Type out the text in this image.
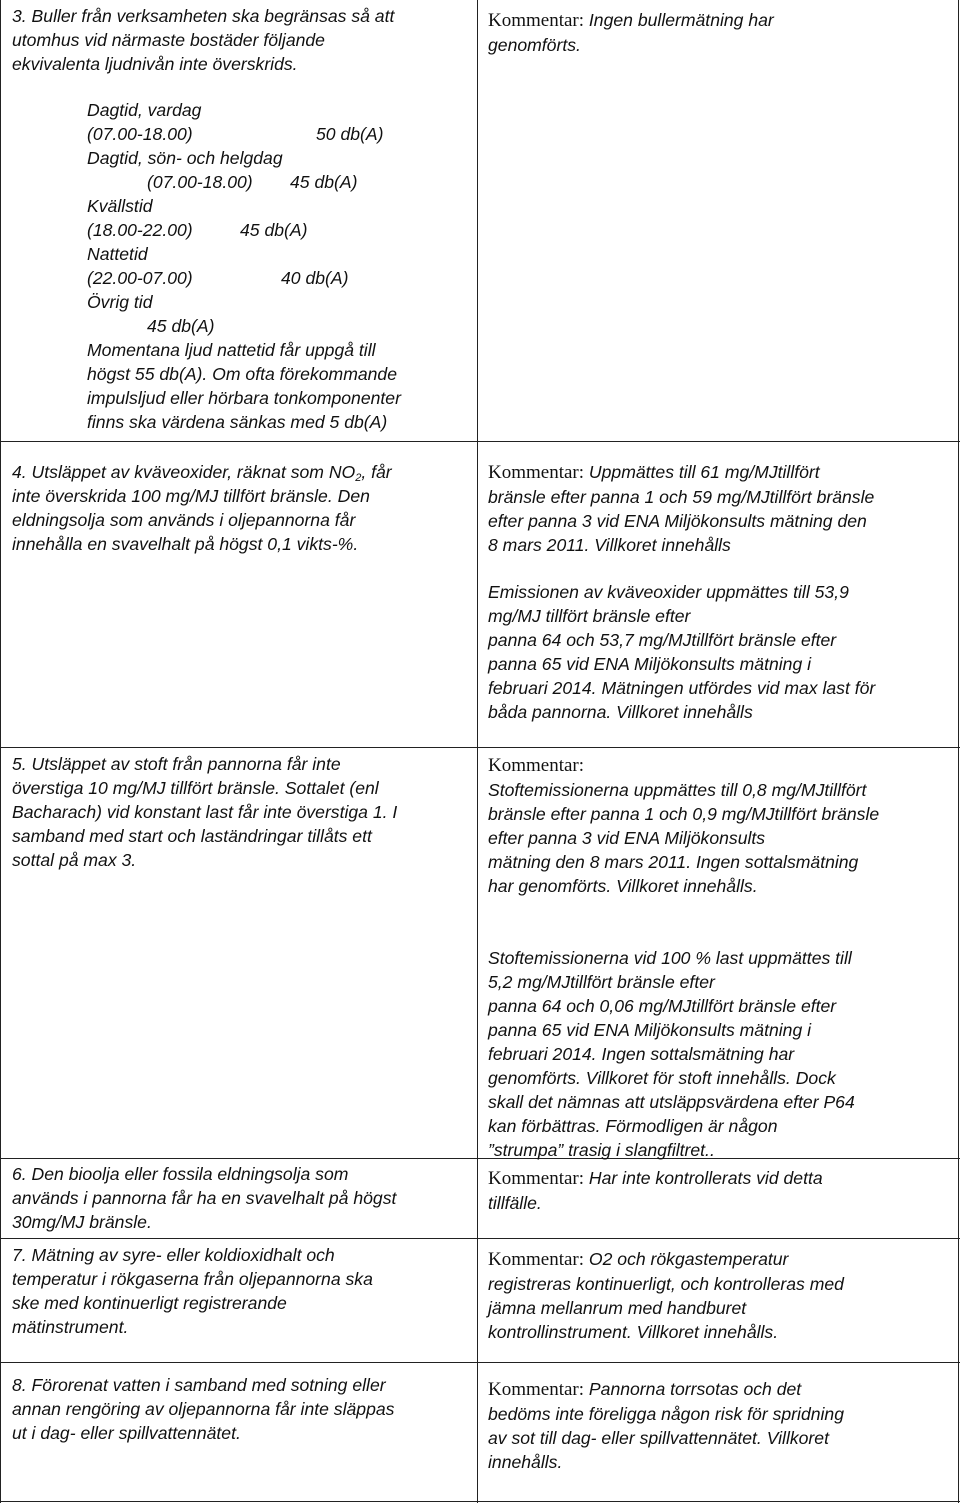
3. Buller från verksamheten ska begränsas så att

utomhus vid närmaste bostäder följande

ekvivalenta ljudnivån inte överskrids.

Dagtid, vardag
(07.00-18.00)	50 db(A)
Dagtid, sön- och helgdag
(07.00-18.00) 45 db(A)
Kvällstid
(18.00-22.00)	45 db(A)
Nattetid
(22.00-07.00)	40 db(A)
Övrig tid
45 db(A)

Momentana ljud nattetid får uppgå till

högst 55 db(A). Om ofta förekommande

impulsljud eller hörbara tonkomponenter

finns ska värdena sänkas med 5 db(A)

Kommentar: Ingen bullermätning har

genomförts.

4. Utsläppet av kväveoxider, räknat som $NO_2$, får

inte överskrida 100 mg/MJ tillfört bränsle. Den

eldningsolja som används i oljepannorna får

innehålla en svavelhalt på högst 0,1 vikts-%.

Kommentar: Uppmättes till 61 mg/MJtillfört

bränsle efter panna 1 och 59 mg/MJtillfört bränsle

efter panna 3 vid ENA Miljökonsults mätning den

8 mars 2011. Villkoret innehålls

Emissionen av kväveoxider uppmättes till 53,9

mg/MJ tillfört bränsle efter

panna 64 och 53,7 mg/MJtillfört bränsle efter

panna 65 vid ENA Miljökonsults mätning i

februari 2014. Mätningen utfördes vid max last för

båda pannorna. Villkoret innehålls

5. Utsläppet av stoft från pannorna får inte

överstiga 10 mg/MJ tillfört bränsle. Sottalet (enl

Bacharach) vid konstant last får inte överstiga 1. I

samband med start och laständringar tillåts ett

sottal på max 3.

Kommentar:

Stoftemissionerna uppmättes till 0,8 mg/MJtillfört

bränsle efter panna 1 och 0,9 mg/MJtillfört bränsle

efter panna 3 vid ENA Miljökonsults

mätning den 8 mars 2011. Ingen sottalsmätning

har genomförts. Villkoret innehålls.

Stoftemissionerna vid 100 % last uppmättes till

5,2 mg/MJtillfört bränsle efter

panna 64 och 0,06 mg/MJtillfört bränsle efter

panna 65 vid ENA Miljökonsults mätning i

februari 2014. Ingen sottalsmätning har

genomförts. Villkoret för stoft innehålls. Dock

skall det nämnas att utsläppsvärdena efter P64

kan förbättras. Förmodligen är någon

”strumpa” trasig i slangfiltret..

6. Den bioolja eller fossila eldningsolja som

används i pannorna får ha en svavelhalt på högst

30mg/MJ bränsle.

Kommentar: Har inte kontrollerats vid detta

tillfälle.

7. Mätning av syre- eller koldioxidhalt och

temperatur i rökgaserna från oljepannorna ska

ske med kontinuerligt registrerande

mätinstrument.

Kommentar: O2 och rökgastemperatur

registreras kontinuerligt, och kontrolleras med

jämna mellanrum med handburet

kontrollinstrument. Villkoret innehålls.

8. Förorenat vatten i samband med sotning eller

annan rengöring av oljepannorna får inte släppas

ut i dag- eller spillvattennätet.

Kommentar: Pannorna torrsotas och det

bedöms inte föreligga någon risk för spridning

av sot till dag- eller spillvattennätet. Villkoret

innehålls.
